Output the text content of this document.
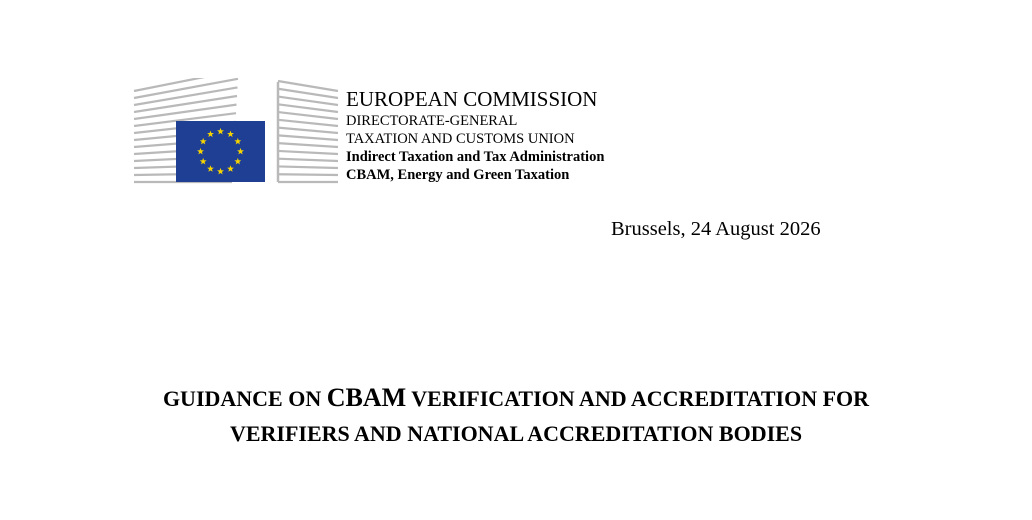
EUROPEAN COMMISSION
DIRECTORATE-GENERAL
TAXATION AND CUSTOMS UNION
Indirect Taxation and Tax Administration
CBAM, Energy and Green Taxation
Brussels, 24 August 2026
GUIDANCE ON CBAM VERIFICATION AND ACCREDITATION FOR
VERIFIERS AND NATIONAL ACCREDITATION BODIES
